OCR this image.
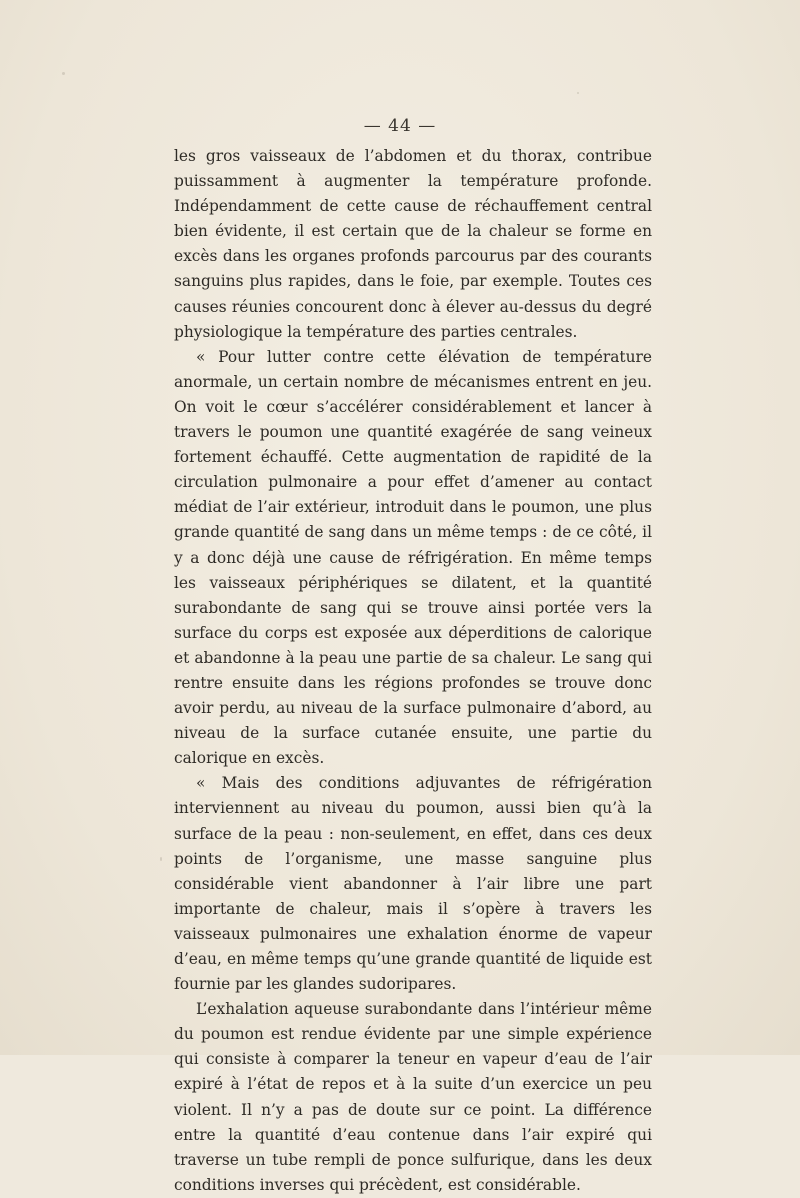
— 44 —

les gros vaisseaux de l’abdomen et du thorax, contribue puissamment à augmenter la température profonde. Indépendamment de cette cause de réchauffement central bien évidente, il est certain que de la chaleur se forme en excès dans les organes profonds parcourus par des courants sanguins plus rapides, dans le foie, par exemple. Toutes ces causes réunies concourent donc à élever au-dessus du degré physiologique la température des parties centrales.

« Pour lutter contre cette élévation de température anormale, un certain nombre de mécanismes entrent en jeu. On voit le cœur s’accélérer considérablement et lancer à travers le poumon une quantité exagérée de sang veineux fortement échauffé. Cette augmentation de rapidité de la circulation pulmonaire a pour effet d’amener au contact médiat de l’air extérieur, introduit dans le poumon, une plus grande quantité de sang dans un même temps : de ce côté, il y a donc déjà une cause de réfrigération. En même temps les vaisseaux périphériques se dilatent, et la quantité surabondante de sang qui se trouve ainsi portée vers la surface du corps est exposée aux déperditions de calorique et abandonne à la peau une partie de sa chaleur. Le sang qui rentre ensuite dans les régions profondes se trouve donc avoir perdu, au niveau de la surface pulmonaire d’abord, au niveau de la surface cutanée ensuite, une partie du calorique en excès.

« Mais des conditions adjuvantes de réfrigération interviennent au niveau du poumon, aussi bien qu’à la surface de la peau : non-seulement, en effet, dans ces deux points de l’organisme, une masse sanguine plus considérable vient abandonner à l’air libre une part importante de chaleur, mais il s’opère à travers les vaisseaux pulmonaires une exhalation énorme de vapeur d’eau, en même temps qu’une grande quantité de liquide est fournie par les glandes sudoripares.

L’exhalation aqueuse surabondante dans l’intérieur même du poumon est rendue évidente par une simple expérience qui consiste à comparer la teneur en vapeur d’eau de l’air expiré à l’état de repos et à la suite d’un exercice un peu violent. Il n’y a pas de doute sur ce point. La différence entre la quantité d’eau contenue dans l’air expiré qui traverse un tube rempli de ponce sulfurique, dans les deux conditions inverses qui précèdent, est considérable.
